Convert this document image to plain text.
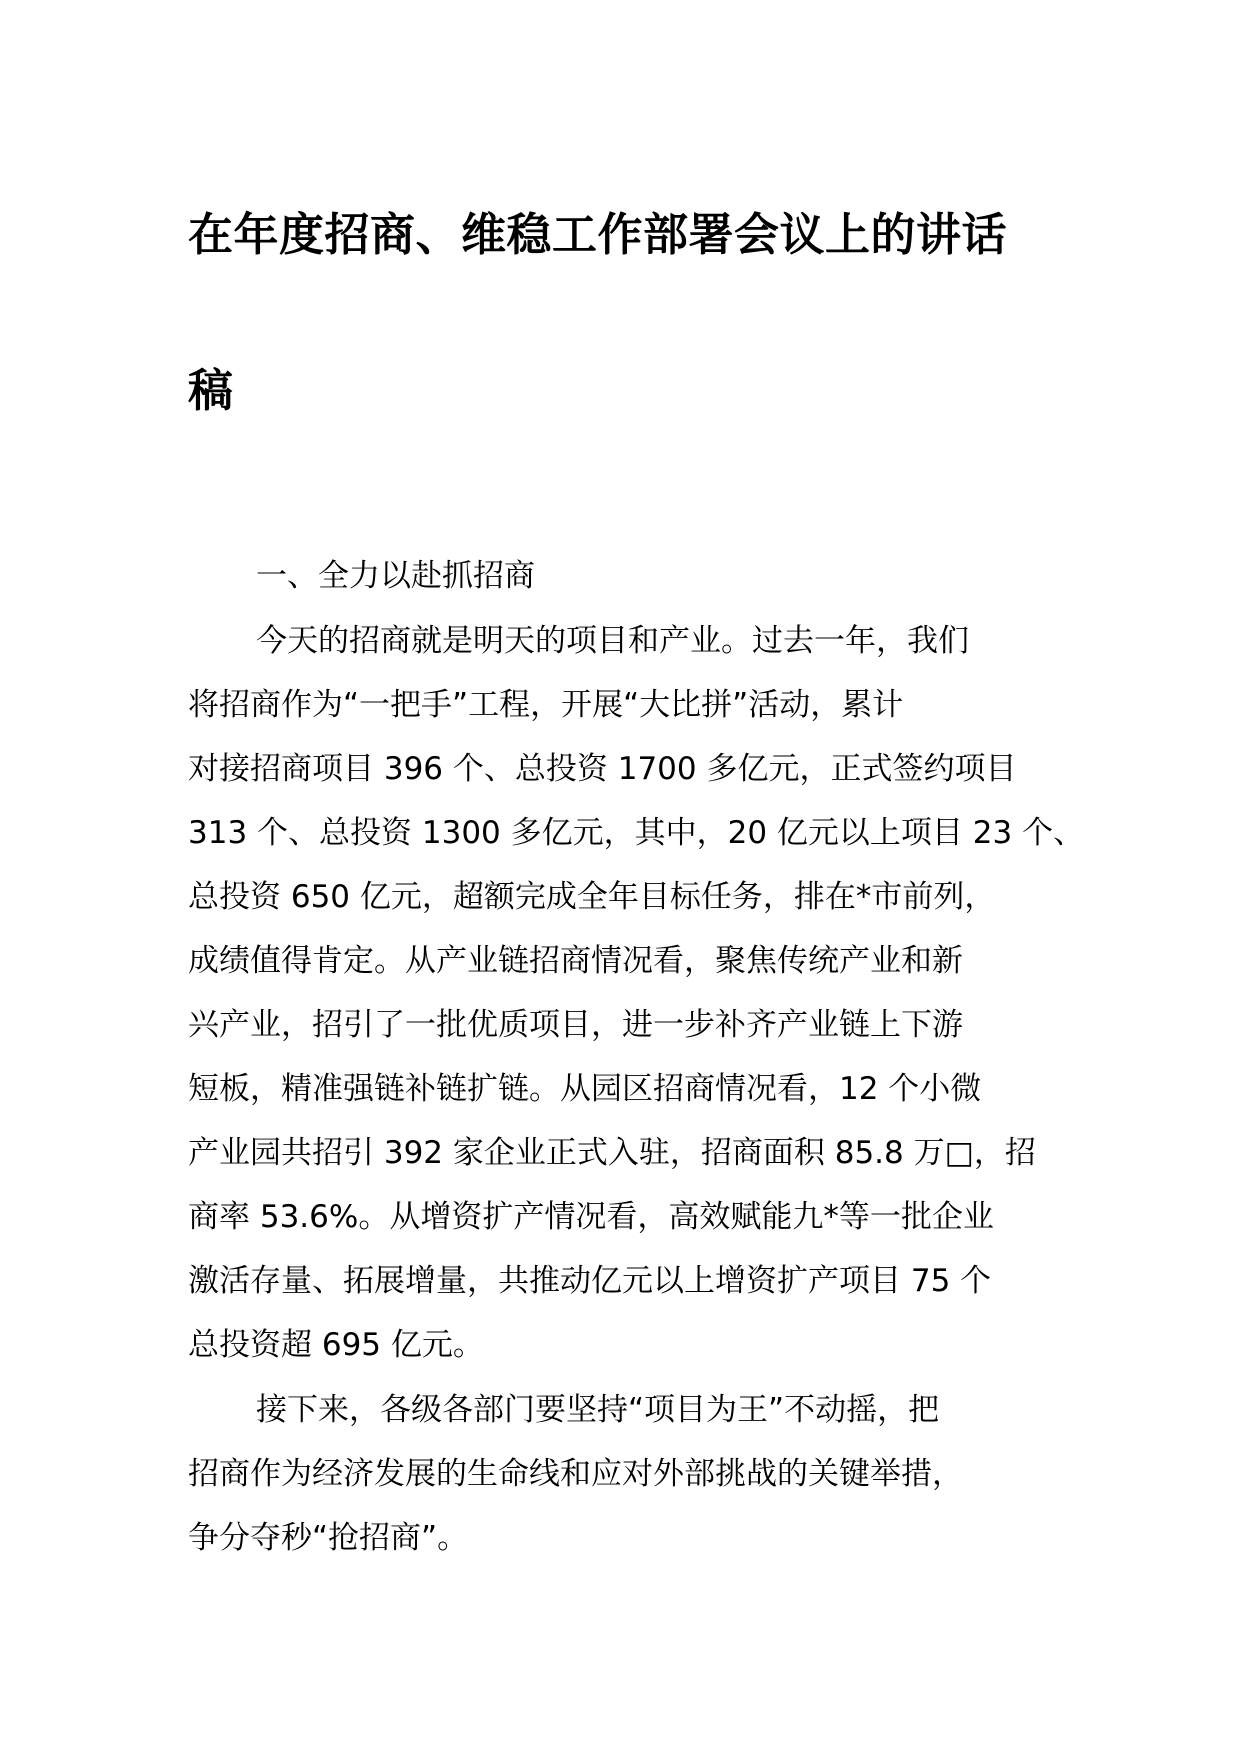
在年度招商、维稳工作部署会议上的讲话
稿
一、全力以赴抓招商
今天的招商就是明天的项目和产业。过去一年，我们
将招商作为“一把手”工程，开展“大比拼”活动，累计
对接招商项目 396 个、总投资 1700 多亿元，正式签约项目
313 个、总投资 1300 多亿元，其中，20 亿元以上项目 23 个、
总投资 650 亿元，超额完成全年目标任务，排在*市前列，
成绩值得肯定。从产业链招商情况看，聚焦传统产业和新
兴产业，招引了一批优质项目，进一步补齐产业链上下游
短板，精准强链补链扩链。从园区招商情况看，12 个小微
产业园共招引 392 家企业正式入驻，招商面积 85.8 万□，招
商率 53.6%。从增资扩产情况看，高效赋能九*等一批企业
激活存量、拓展增量，共推动亿元以上增资扩产项目 75 个
总投资超 695 亿元。
接下来，各级各部门要坚持“项目为王”不动摇，把
招商作为经济发展的生命线和应对外部挑战的关键举措，
争分夺秒“抢招商”。
